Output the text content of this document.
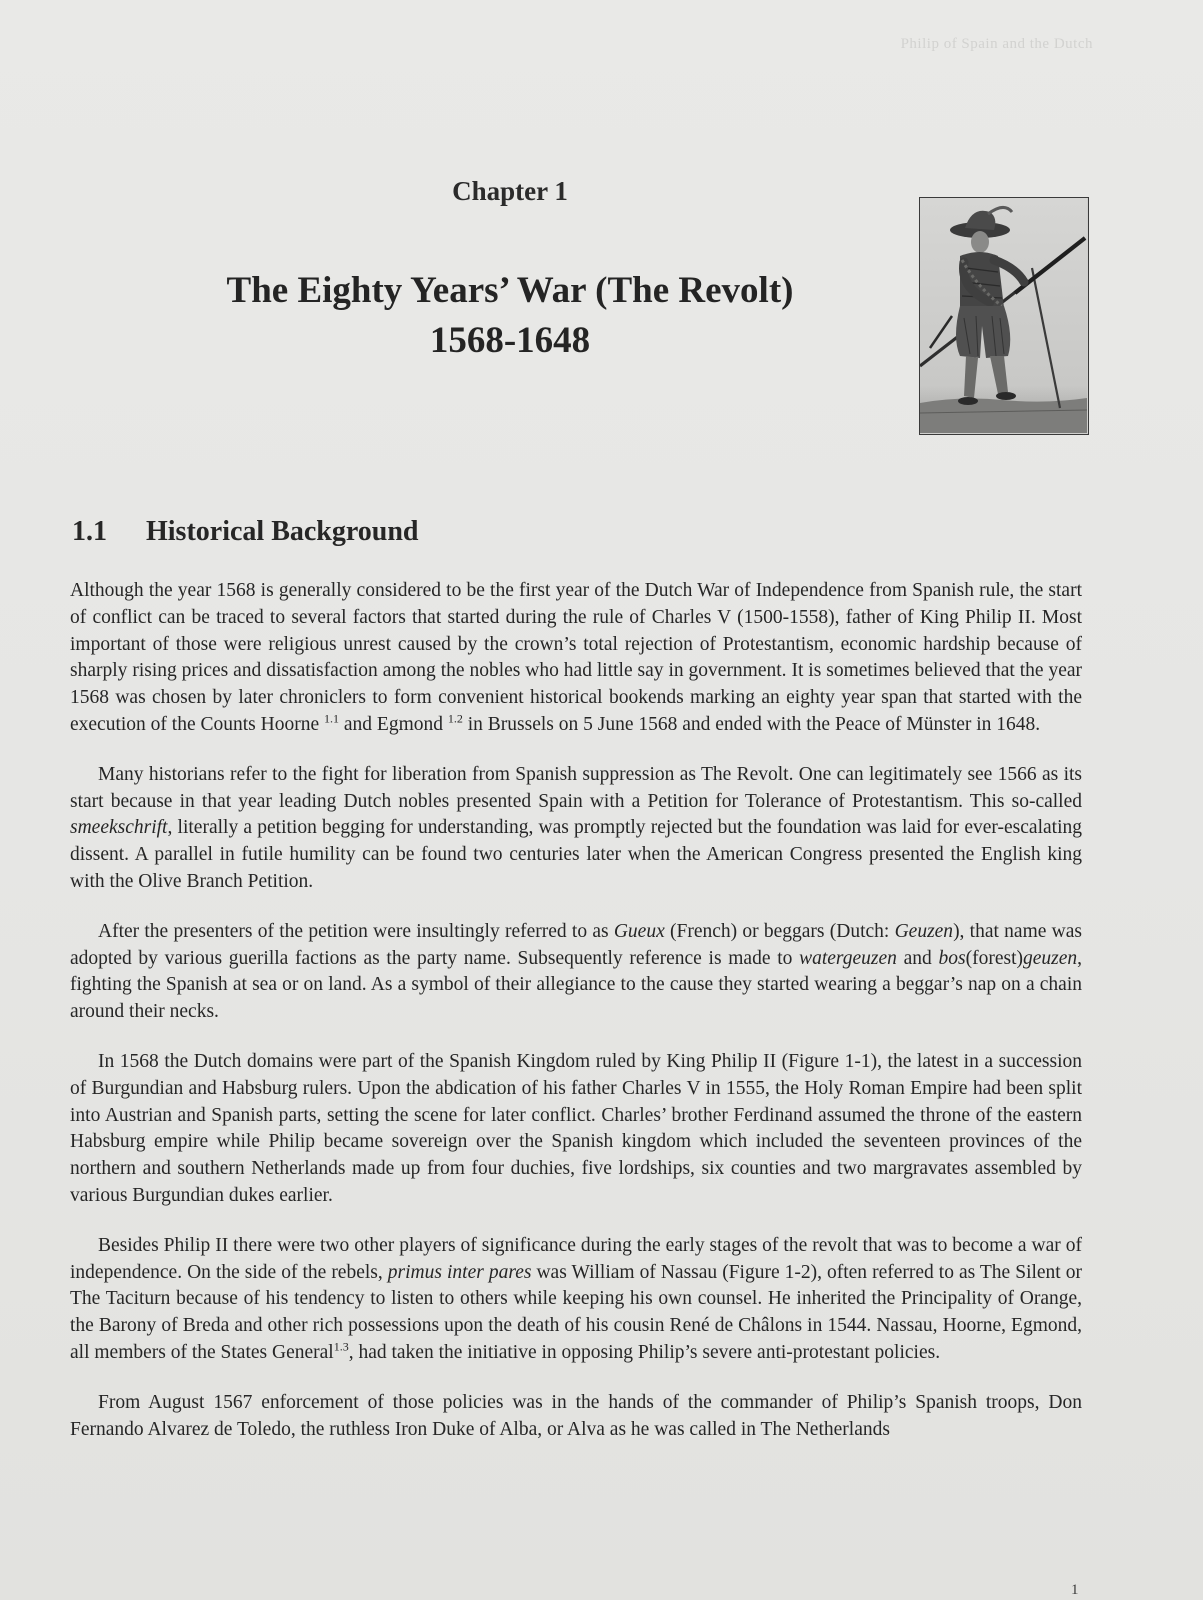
Philip of Spain and the Dutch
Chapter 1
The Eighty Years’ War (The Revolt)
1568-1648
1.1 Historical Background

Although the year 1568 is generally considered to be the first year of the Dutch War of Independence from Spanish rule, the start of conflict can be traced to several factors that started during the rule of Charles V (1500-1558), father of King Philip II. Most important of those were religious unrest caused by the crown’s total rejection of Protestantism, economic hardship because of sharply rising prices and dissatisfaction among the nobles who had little say in government. It is sometimes believed that the year 1568 was chosen by later chroniclers to form convenient historical bookends marking an eighty year span that started with the execution of the Counts Hoorne $^{1.1}$ and Egmond $^{1.2}$ in Brussels on 5 June 1568 and ended with the Peace of Münster in 1648.

Many historians refer to the fight for liberation from Spanish suppression as The Revolt. One can legitimately see 1566 as its start because in that year leading Dutch nobles presented Spain with a Petition for Tolerance of Protestantism. This so-called smeekschrift, literally a petition begging for understanding, was promptly rejected but the foundation was laid for ever-escalating dissent. A parallel in futile humility can be found two centuries later when the American Congress presented the English king with the Olive Branch Petition.

After the presenters of the petition were insultingly referred to as Gueux (French) or beggars (Dutch: Geuzen), that name was adopted by various guerilla factions as the party name. Subsequently reference is made to watergeuzen and bos(forest)geuzen, fighting the Spanish at sea or on land. As a symbol of their allegiance to the cause they started wearing a beggar’s nap on a chain around their necks.

In 1568 the Dutch domains were part of the Spanish Kingdom ruled by King Philip II (Figure 1-1), the latest in a succession of Burgundian and Habsburg rulers. Upon the abdication of his father Charles V in 1555, the Holy Roman Empire had been split into Austrian and Spanish parts, setting the scene for later conflict. Charles’ brother Ferdinand assumed the throne of the eastern Habsburg empire while Philip became sovereign over the Spanish kingdom which included the seventeen provinces of the northern and southern Netherlands made up from four duchies, five lordships, six counties and two margravates assembled by various Burgundian dukes earlier.

Besides Philip II there were two other players of significance during the early stages of the revolt that was to become a war of independence. On the side of the rebels, primus inter pares was William of Nassau (Figure 1-2), often referred to as The Silent or The Taciturn because of his tendency to listen to others while keeping his own counsel. He inherited the Principality of Orange, the Barony of Breda and other rich possessions upon the death of his cousin René de Châlons in 1544. Nassau, Hoorne, Egmond, all members of the States General$^{1.3}$, had taken the initiative in opposing Philip’s severe anti-protestant policies.

From August 1567 enforcement of those policies was in the hands of the commander of Philip’s Spanish troops, Don Fernando Alvarez de Toledo, the ruthless Iron Duke of Alba, or Alva as he was called in The Netherlands

1
